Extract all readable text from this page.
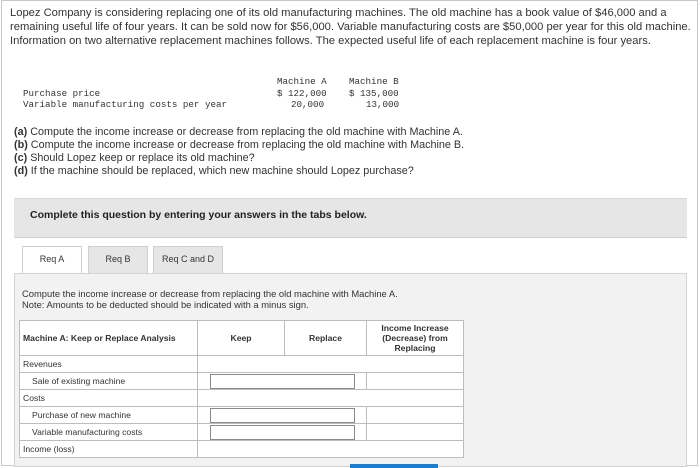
Lopez Company is considering replacing one of its old manufacturing machines. The old machine has a book value of $46,000 and a remaining useful life of four years. It can be sold now for $56,000. Variable manufacturing costs are $50,000 per year for this old machine. Information on two alternative replacement machines follows. The expected useful life of each replacement machine is four years.
Machine A Machine B
Purchase price	$ 122,000 $ 135,000
Variable manufacturing costs per year	20,000	13,000
(a) Compute the income increase or decrease from replacing the old machine with Machine A.
(b) Compute the income increase or decrease from replacing the old machine with Machine B.
(c) Should Lopez keep or replace its old machine?
(d) If the machine should be replaced, which new machine should Lopez purchase?
Complete this question by entering your answers in the tabs below.
Req A	Req B	Req C and D
Compute the income increase or decrease from replacing the old machine with Machine A.
Note: Amounts to be deducted should be indicated with a minus sign.
Machine A: Keep or Replace Analysis	Keep	Replace	Income Increase (Decrease) from Replacing
Revenues			
Sale of existing machine		

Costs			
Purchase of new machine		

Variable manufacturing costs		

Income (loss)			
